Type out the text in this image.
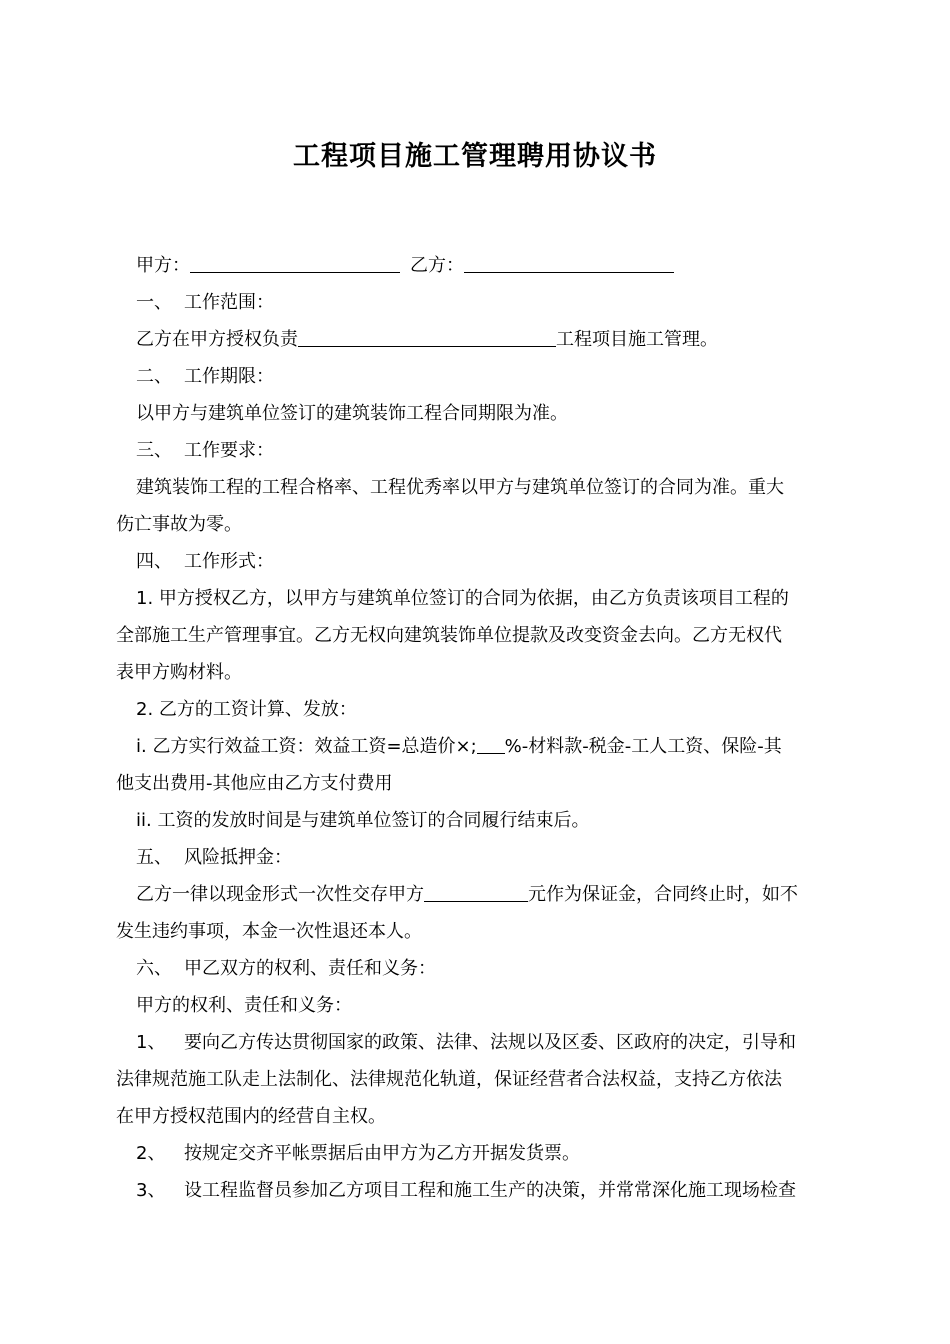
工程项目施工管理聘用协议书
甲方：	乙方：
一、 工作范围：
乙方在甲方授权负责	工程项目施工管理。
二、 工作期限：
以甲方与建筑单位签订的建筑装饰工程合同期限为准。
三、 工作要求：
建筑装饰工程的工程合格率、工程优秀率以甲方与建筑单位签订的合同为准。重大
伤亡事故为零。
四、 工作形式：
1. 甲方授权乙方，以甲方与建筑单位签订的合同为依据，由乙方负责该项目工程的
全部施工生产管理事宜。乙方无权向建筑装饰单位提款及改变资金去向。乙方无权代
表甲方购材料。
2. 乙方的工资计算、发放：
i. 乙方实行效益工资：效益工资=总造价×; %-材料款-税金-工人工资、保险-其
他支出费用-其他应由乙方支付费用
ii. 工资的发放时间是与建筑单位签订的合同履行结束后。
五、 风险抵押金：
乙方一律以现金形式一次性交存甲方	元作为保证金，合同终止时，如不
发生违约事项，本金一次性退还本人。
六、 甲乙双方的权利、责任和义务：
甲方的权利、责任和义务：
1、 要向乙方传达贯彻国家的政策、法律、法规以及区委、区政府的决定，引导和
法律规范施工队走上法制化、法律规范化轨道，保证经营者合法权益，支持乙方依法
在甲方授权范围内的经营自主权。
2、 按规定交齐平帐票据后由甲方为乙方开据发货票。
3、 设工程监督员参加乙方项目工程和施工生产的决策，并常常深化施工现场检查
